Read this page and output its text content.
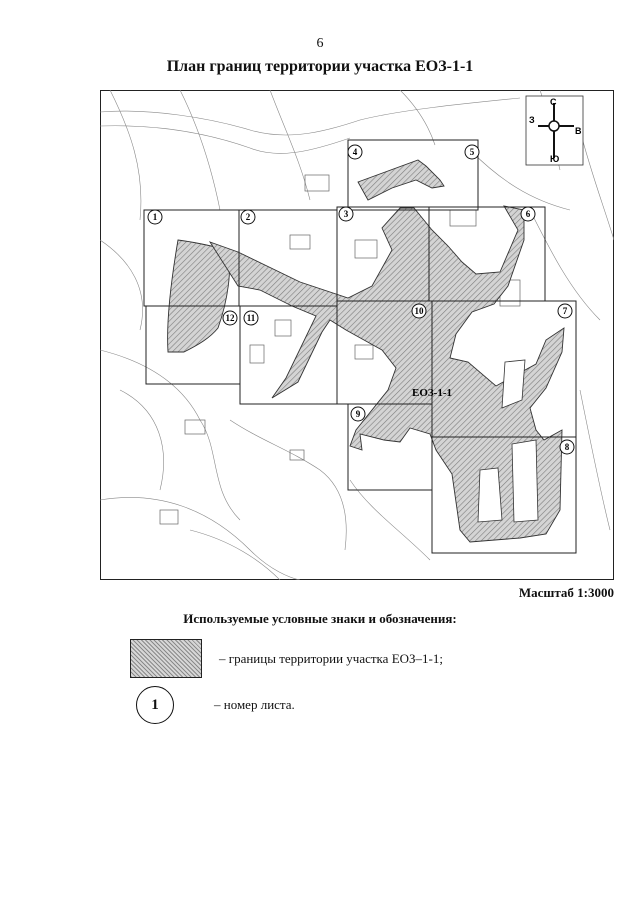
6
План границ территории участка ЕОЗ-1-1
1	2	3
4	5
6
7
8
9
10
11
12
ЕОЗ-1-1
С
Ю
З
В
Масштаб 1:3000
Используемые условные знаки и обозначения:
– границы территории участка ЕОЗ–1-1;
1	– номер листа.
